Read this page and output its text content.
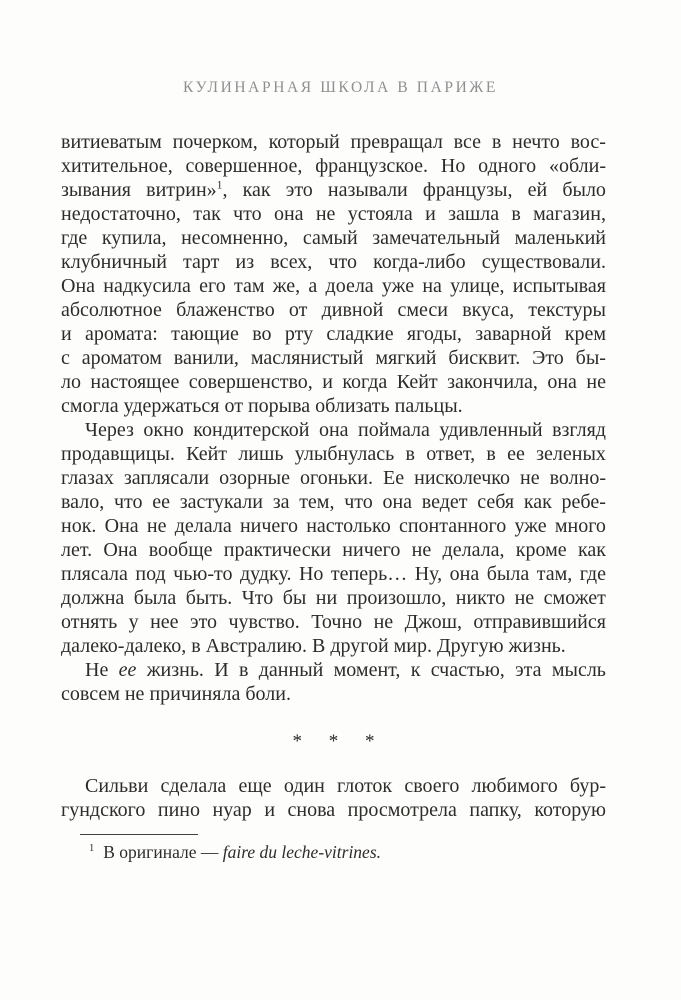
КУЛИНАРНАЯ ШКОЛА В ПАРИЖЕ
витиеватым почерком, который превращал все в нечто вос-
хитительное, совершенное, французское. Но одного «обли-
зывания витрин»$^1$, как это называли французы, ей было
недостаточно, так что она не устояла и зашла в магазин,
где купила, несомненно, самый замечательный маленький
клубничный тарт из всех, что когда-либо существовали.
Она надкусила его там же, а доела уже на улице, испытывая
абсолютное блаженство от дивной смеси вкуса, текстуры
и аромата: тающие во рту сладкие ягоды, заварной крем
с ароматом ванили, маслянистый мягкий бисквит. Это бы-
ло настоящее совершенство, и когда Кейт закончила, она не
смогла удержаться от порыва облизать пальцы.
Через окно кондитерской она поймала удивленный взгляд
продавщицы. Кейт лишь улыбнулась в ответ, в ее зеленых
глазах заплясали озорные огоньки. Ее нисколечко не волно-
вало, что ее застукали за тем, что она ведет себя как ребе-
нок. Она не делала ничего настолько спонтанного уже много
лет. Она вообще практически ничего не делала, кроме как
плясала под чью-то дудку. Но теперь… Ну, она была там, где
должна была быть. Что бы ни произошло, никто не сможет
отнять у нее это чувство. Точно не Джош, отправившийся
далеко-далеко, в Австралию. В другой мир. Другую жизнь.
Не ее жизнь. И в данный момент, к счастью, эта мысль
совсем не причиняла боли.
* * *
Сильви сделала еще один глоток своего любимого бур-
гундского пино нуар и снова просмотрела папку, которую
$^1$ В оригинале — faire du leche-vitrines.
